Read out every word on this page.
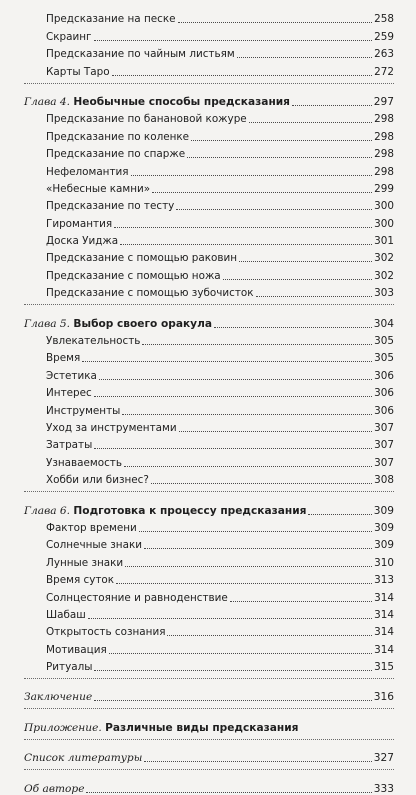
Предсказание на песке	258
Скраинг	259
Предсказание по чайным листьям	263
Карты Таро	272
Глава 4. Необычные способы предсказания	297
Предсказание по банановой кожуре	298
Предсказание по коленке	298
Предсказание по спарже	298
Нефеломантия	298
«Небесные камни»	299
Предсказание по тесту	300
Гиромантия	300
Доска Уиджа	301
Предсказание с помощью раковин	302
Предсказание с помощью ножа	302
Предсказание с помощью зубочисток	303
Глава 5. Выбор своего оракула	304
Увлекательность	305
Время	305
Эстетика	306
Интерес	306
Инструменты	306
Уход за инструментами	307
Затраты	307
Узнаваемость	307
Хобби или бизнес?	308
Глава 6. Подготовка к процессу предсказания	309
Фактор времени	309
Солнечные знаки	309
Лунные знаки	310
Время суток	313
Солнцестояние и равноденствие	314
Шабаш	314
Открытость сознания	314
Мотивация	314
Ритуалы	315
Заключение	316
Приложение. Различные виды предсказания
Список литературы	327
Об авторе	333
